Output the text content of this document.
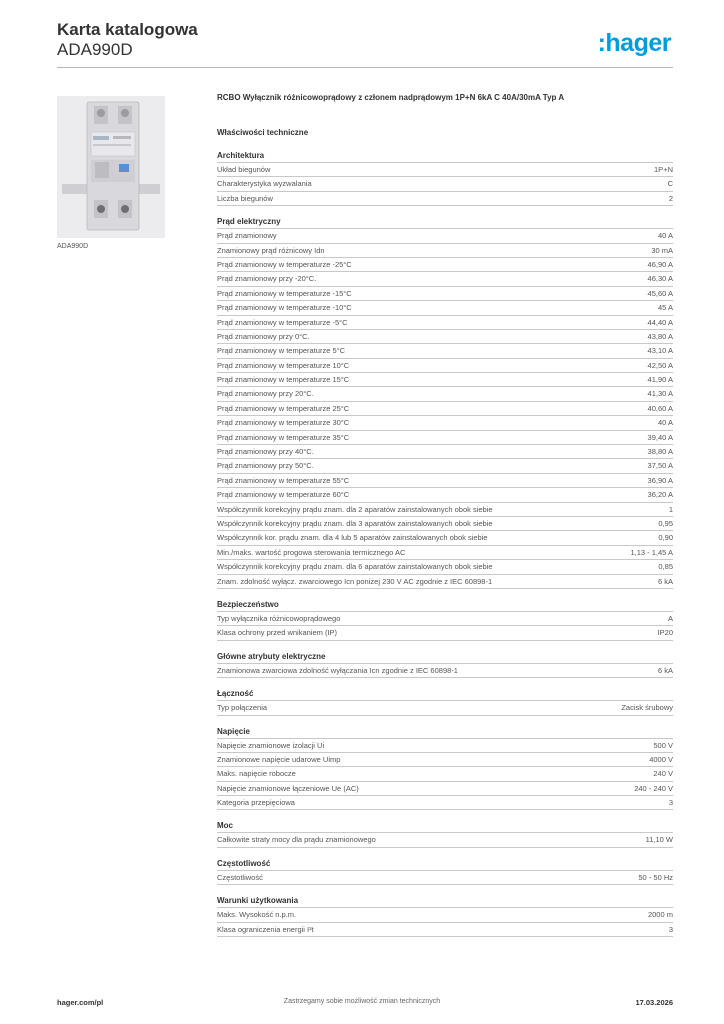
Karta katalogowa
ADA990D	:hager
ADA990D
RCBO Wyłącznik różnicowoprądowy z członem nadprądowym 1P+N 6kA C 40A/30mA Typ A
Właściwości techniczne
Architektura
Układ biegunów	1P+N
Charakterystyka wyzwalania	C
Liczba biegunów	2
Prąd elektryczny
Prąd znamionowy	40 A
Znamionowy prąd różnicowy Idn	30 mA
Prąd znamionowy w temperaturze -25°C	46,90 A
Prąd znamionowy przy -20°C.	46,30 A
Prąd znamionowy w temperaturze -15°C	45,60 A
Prąd znamionowy w temperaturze -10°C	45 A
Prąd znamionowy w temperaturze -5°C	44,40 A
Prąd znamionowy przy 0°C.	43,80 A
Prąd znamionowy w temperaturze 5°C	43,10 A
Prąd znamionowy w temperaturze 10°C	42,50 A
Prąd znamionowy w temperaturze 15°C	41,90 A
Prąd znamionowy przy 20°C.	41,30 A
Prąd znamionowy w temperaturze 25°C	40,60 A
Prąd znamionowy w temperaturze 30°C	40 A
Prąd znamionowy w temperaturze 35°C	39,40 A
Prąd znamionowy przy 40°C.	38,80 A
Prąd znamionowy przy 50°C.	37,50 A
Prąd znamionowy w temperaturze 55°C	36,90 A
Prąd znamionowy w temperaturze 60°C	36,20 A
Współczynnik korekcyjny prądu znam. dla 2 aparatów zainstalowanych obok siebie	1
Współczynnik korekcyjny prądu znam. dla 3 aparatów zainstalowanych obok siebie	0,95
Współczynnik kor. prądu znam. dla 4 lub 5 aparatów zainstalowanych obok siebie	0,90
Min./maks. wartość progowa sterowania termicznego AC	1,13 - 1,45 A
Współczynnik korekcyjny prądu znam. dla 6 aparatów zainstalowanych obok siebie	0,85
Znam. zdolność wyłącz. zwarciowego Icn poniżej 230 V AC zgodnie z IEC 60898-1	6 kA
Bezpieczeństwo
Typ wyłącznika różnicowoprądowego	A
Klasa ochrony przed wnikaniem (IP)	IP20
Główne atrybuty elektryczne
Znamionowa zwarciowa zdolność wyłączania Icn zgodnie z IEC 60898-1	6 kA
Łączność
Typ połączenia	Zacisk śrubowy
Napięcie
Napięcie znamionowe izolacji Ui	500 V
Znamionowe napięcie udarowe Uimp	4000 V
Maks. napięcie robocze	240 V
Napięcie znamionowe łączeniowe Ue (AC)	240 - 240 V
Kategoria przepięciowa	3
Moc
Całkowite straty mocy dla prądu znamionowego	11,10 W
Częstotliwość
Częstotliwość	50 - 50 Hz
Warunki użytkowania
Maks. Wysokość n.p.m.	2000 m
Klasa ograniczenia energii I²t	3
hager.com/pl	Zastrzegamy sobie możliwość zmian technicznych	17.03.2026
